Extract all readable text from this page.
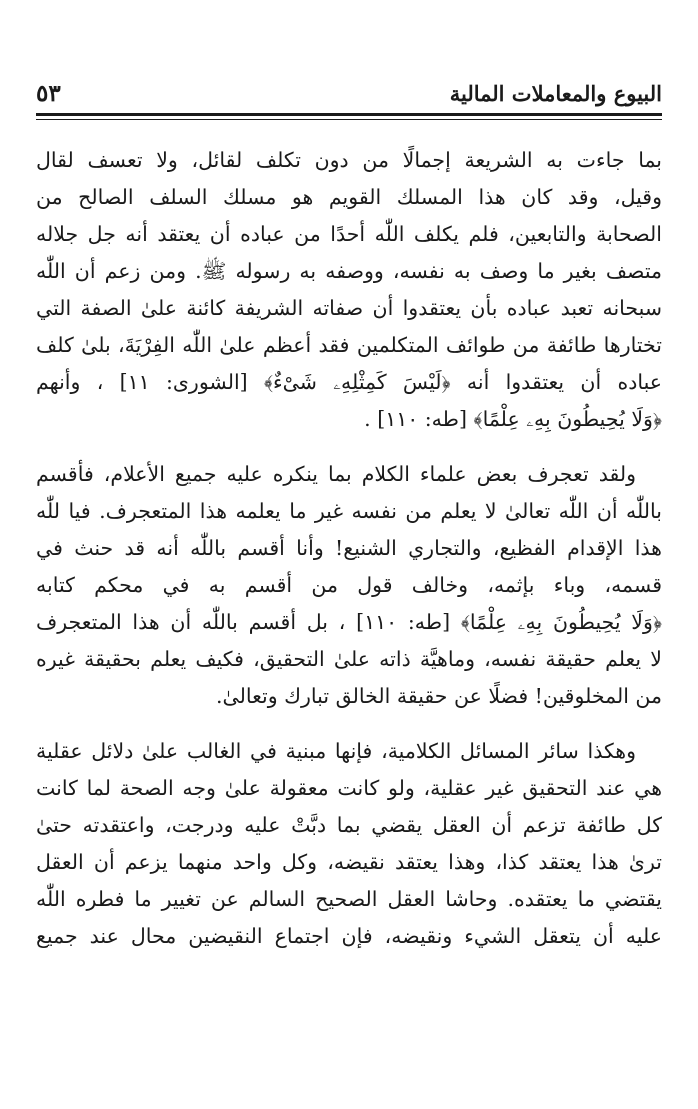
البيوع والمعاملات المالية
٥٣

بما جاءت به الشريعة إجمالًا من دون تكلف لقائل، ولا تعسف لقال
وقيل، وقد كان هذا المسلك القويم هو مسلك السلف الصالح من
الصحابة والتابعين، فلم يكلف اللّٰه أحدًا من عباده أن يعتقد أنه جل جلاله
متصف بغير ما وصف به نفسه، ووصفه به رسوله ﷺ. ومن زعم أن اللّٰه
سبحانه تعبد عباده بأن يعتقدوا أن صفاته الشريفة كائنة علىٰ الصفة التي
تختارها طائفة من طوائف المتكلمين فقد أعظم علىٰ اللّٰه الفِرْيَةَ، بلىٰ كلف
عباده أن يعتقدوا أنه ﴿لَيْسَ كَمِثْلِهِۦ شَىْءٌ﴾ [الشورى: ١١] ، وأنهم
﴿وَلَا يُحِيطُونَ بِهِۦ عِلْمًا﴾ [طه: ١١٠] .

ولقد تعجرف بعض علماء الكلام بما ينكره عليه جميع الأعلام، فأقسم
باللّٰه أن اللّٰه تعالىٰ لا يعلم من نفسه غير ما يعلمه هذا المتعجرف. فيا للّٰه
هذا الإقدام الفظيع، والتجاري الشنيع! وأنا أقسم باللّٰه أنه قد حنث في
قسمه، وباء بإثمه، وخالف قول من أقسم به في محكم كتابه
﴿وَلَا يُحِيطُونَ بِهِۦ عِلْمًا﴾ [طه: ١١٠] ، بل أقسم باللّٰه أن هذا المتعجرف
لا يعلم حقيقة نفسه، وماهيَّة ذاته علىٰ التحقيق، فكيف يعلم بحقيقة غيره
من المخلوقين! فضلًا عن حقيقة الخالق تبارك وتعالىٰ.

وهكذا سائر المسائل الكلامية، فإنها مبنية في الغالب علىٰ دلائل عقلية
هي عند التحقيق غير عقلية، ولو كانت معقولة علىٰ وجه الصحة لما كانت
كل طائفة تزعم أن العقل يقضي بما دبَّتْ عليه ودرجت، واعتقدته حتىٰ
ترىٰ هذا يعتقد كذا، وهذا يعتقد نقيضه، وكل واحد منهما يزعم أن العقل
يقتضي ما يعتقده. وحاشا العقل الصحيح السالم عن تغيير ما فطره اللّٰه
عليه أن يتعقل الشيء ونقيضه، فإن اجتماع النقيضين محال عند جميع
